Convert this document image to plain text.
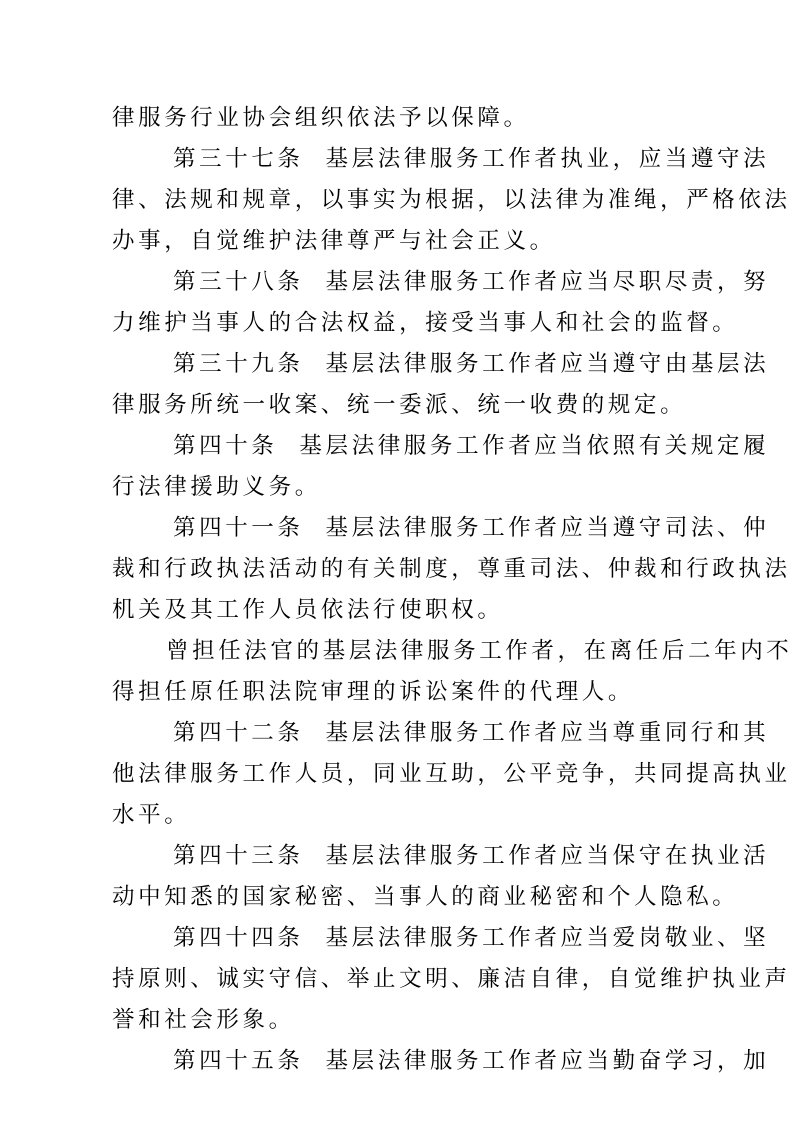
律服务行业协会组织依法予以保障。
第三十七条 基层法律服务工作者执业，应当遵守法
律、法规和规章，以事实为根据，以法律为准绳，严格依法
办事，自觉维护法律尊严与社会正义。
第三十八条 基层法律服务工作者应当尽职尽责，努
力维护当事人的合法权益，接受当事人和社会的监督。
第三十九条 基层法律服务工作者应当遵守由基层法
律服务所统一收案、统一委派、统一收费的规定。
第四十条 基层法律服务工作者应当依照有关规定履
行法律援助义务。
第四十一条 基层法律服务工作者应当遵守司法、仲
裁和行政执法活动的有关制度，尊重司法、仲裁和行政执法
机关及其工作人员依法行使职权。
曾担任法官的基层法律服务工作者，在离任后二年内不
得担任原任职法院审理的诉讼案件的代理人。
第四十二条 基层法律服务工作者应当尊重同行和其
他法律服务工作人员，同业互助，公平竞争，共同提高执业
水平。
第四十三条 基层法律服务工作者应当保守在执业活
动中知悉的国家秘密、当事人的商业秘密和个人隐私。
第四十四条 基层法律服务工作者应当爱岗敬业、坚
持原则、诚实守信、举止文明、廉洁自律，自觉维护执业声
誉和社会形象。
第四十五条 基层法律服务工作者应当勤奋学习，加
